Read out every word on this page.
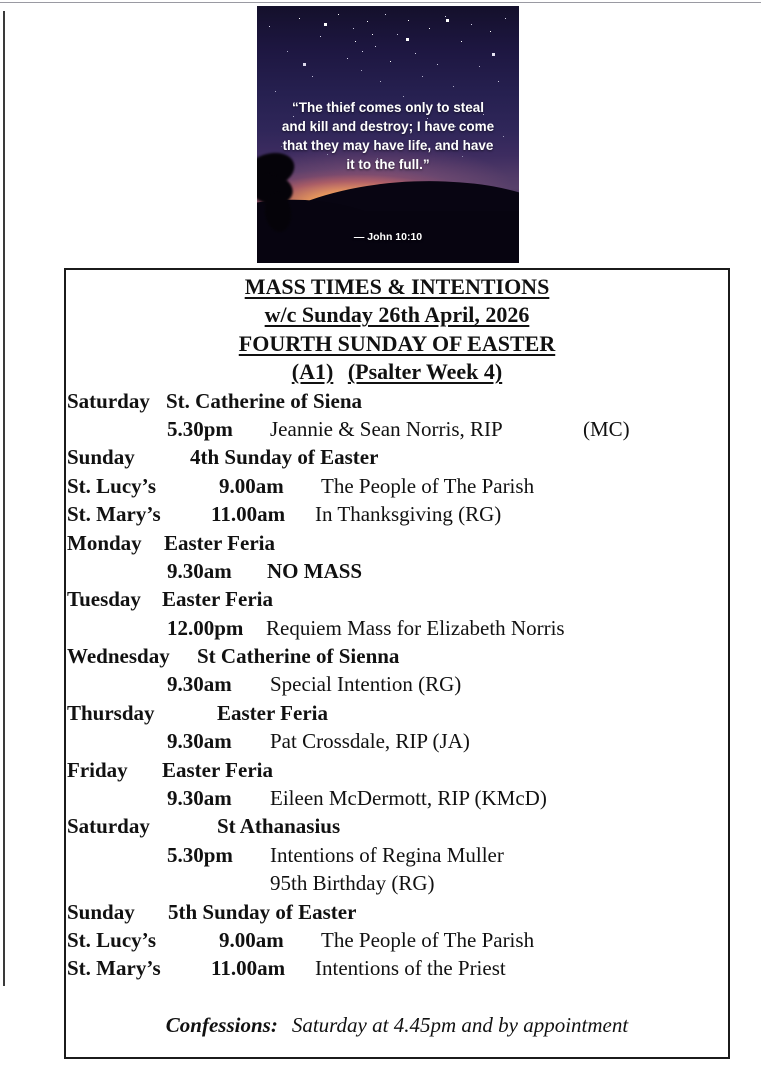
“The thief comes only to steal
and kill and destroy; I have come
that they may have life, and have
it to the full.”
— John 10:10
MASS TIMES & INTENTIONS
w/c Sunday 26th April, 2026
FOURTH SUNDAY OF EASTER
(A1) (Psalter Week 4)
Saturday St. Catherine of Siena
5.30pm Jeannie & Sean Norris, RIP	(MC)
Sunday	4th Sunday of Easter
St. Lucy’s	9.00am The People of The Parish
St. Mary’s 11.00am In Thanksgiving (RG)
Monday Easter Feria
9.30am NO MASS
Tuesday Easter Feria
12.00pm Requiem Mass for Elizabeth Norris
Wednesday St Catherine of Sienna
9.30am Special Intention (RG)
Thursday	Easter Feria
9.30am Pat Crossdale, RIP (JA)
Friday Easter Feria
9.30am Eileen McDermott, RIP (KMcD)
Saturday	St Athanasius
5.30pm Intentions of Regina Muller
95th Birthday (RG)
Sunday 5th Sunday of Easter
St. Lucy’s	9.00am The People of The Parish
St. Mary’s 11.00am Intentions of the Priest
Confessions: Saturday at 4.45pm and by appointment
